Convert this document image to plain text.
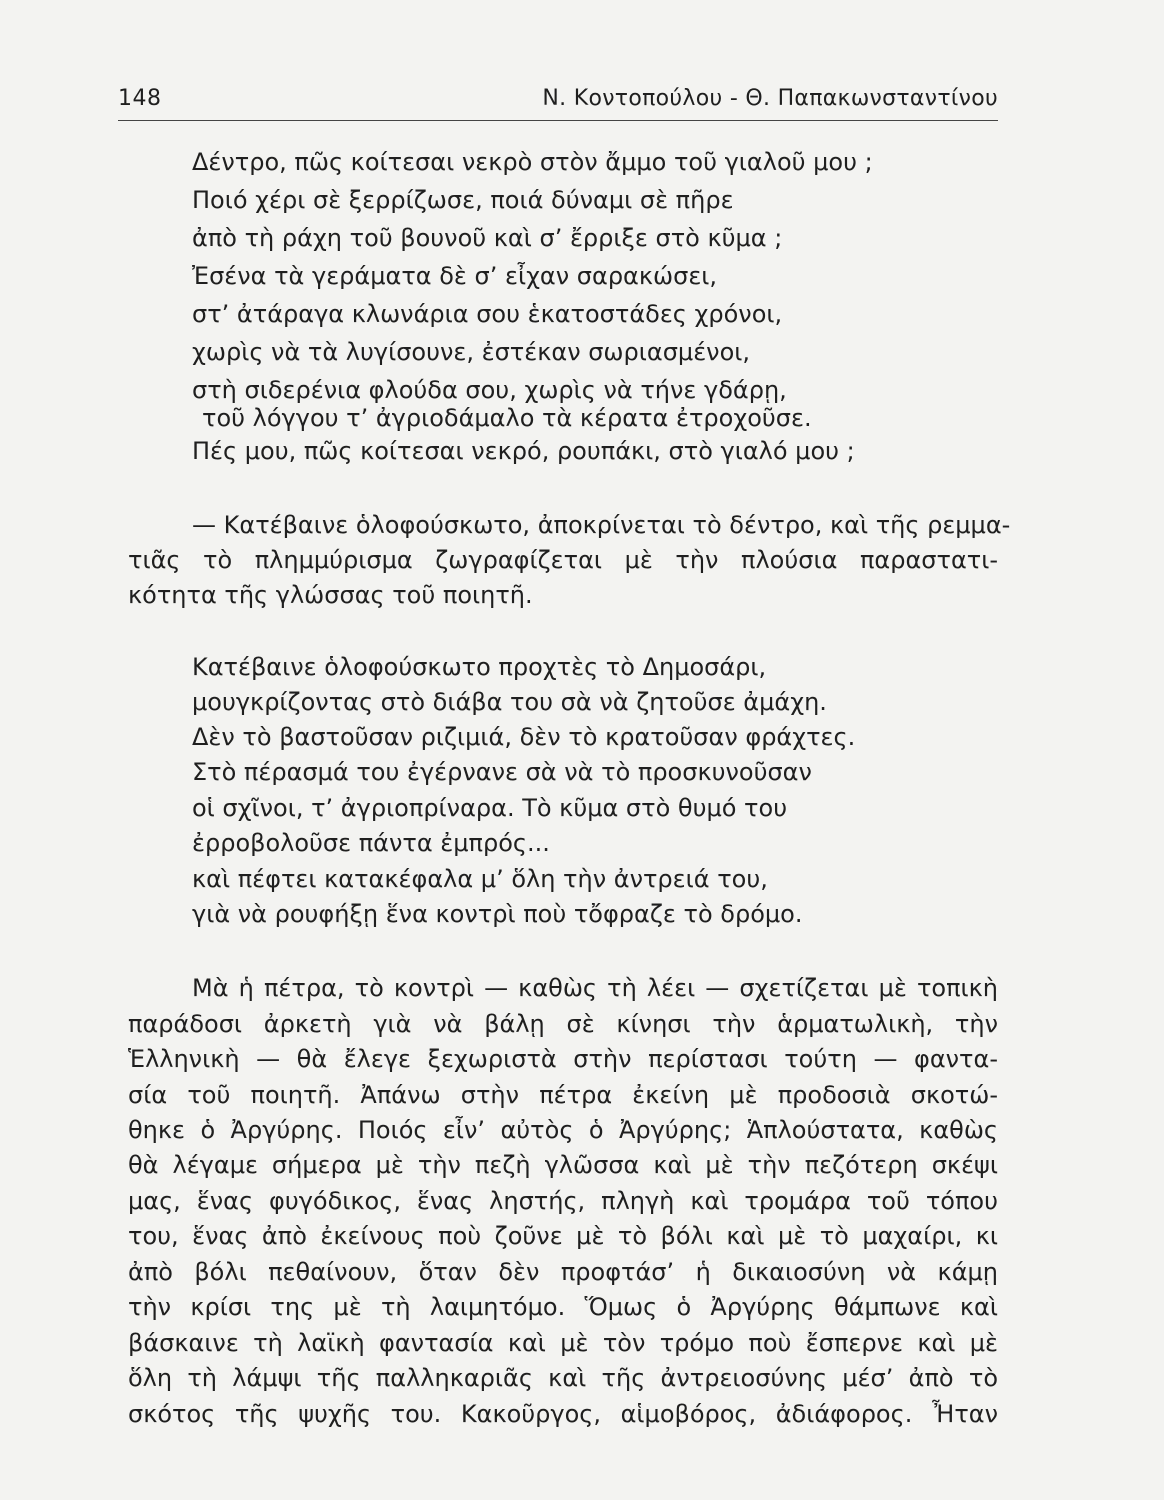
148	Ν. Κοντοπούλου - Θ. Παπακωνσταντίνου
Δέντρο, πῶς κοίτεσαι νεκρὸ στὸν ἄμμο τοῦ γιαλοῦ μου ;
Ποιό χέρι σὲ ξερρίζωσε, ποιά δύναμι σὲ πῆρε
ἀπὸ τὴ ράχη τοῦ βουνοῦ καὶ σ’ ἔρριξε στὸ κῦμα ;
Ἐσένα τὰ γεράματα δὲ σ’ εἶχαν σαρακώσει,
στ’ ἀτάραγα κλωνάρια σου ἑκατοστάδες χρόνοι,
χωρὶς νὰ τὰ λυγίσουνε, ἐστέκαν σωριασμένοι,
στὴ σιδερένια φλούδα σου, χωρὶς νὰ τήνε γδάρῃ,
τοῦ λόγγου τ’ ἀγριοδάμαλο τὰ κέρατα ἐτροχοῦσε.
Πές μου, πῶς κοίτεσαι νεκρό, ρουπάκι, στὸ γιαλό μου ;
— Κατέβαινε ὁλοφούσκωτο, ἀποκρίνεται τὸ δέντρο, καὶ τῆς ρεμμα-
τιᾶς τὸ πλημμύρισμα ζωγραφίζεται μὲ τὴν πλούσια παραστατι-
κότητα τῆς γλώσσας τοῦ ποιητῆ.
Κατέβαινε ὁλοφούσκωτο προχτὲς τὸ Δημοσάρι,
μουγκρίζοντας στὸ διάβα του σὰ νὰ ζητοῦσε ἀμάχη.
Δὲν τὸ βαστοῦσαν ριζιμιά, δὲν τὸ κρατοῦσαν φράχτες.
Στὸ πέρασμά του ἐγέρνανε σὰ νὰ τὸ προσκυνοῦσαν
οἱ σχῖνοι, τ’ ἀγριοπρίναρα. Τὸ κῦμα στὸ θυμό του
ἐρροβολοῦσε πάντα ἐμπρός...
καὶ πέφτει κατακέφαλα μ’ ὅλη τὴν ἀντρειά του,
γιὰ νὰ ρουφήξῃ ἕνα κοντρὶ ποὺ τὄφραζε τὸ δρόμο.
Μὰ ἡ πέτρα, τὸ κοντρὶ — καθὼς τὴ λέει — σχετίζεται μὲ τοπικὴ
παράδοσι ἀρκετὴ γιὰ νὰ βάλῃ σὲ κίνησι τὴν ἁρματωλικὴ, τὴν
Ἑλληνικὴ — θὰ ἔλεγε ξεχωριστὰ στὴν περίστασι τούτη — φαντα-
σία τοῦ ποιητῆ. Ἀπάνω στὴν πέτρα ἐκείνη μὲ προδοσιὰ σκοτώ-
θηκε ὁ Ἀργύρης. Ποιός εἶν’ αὐτὸς ὁ Ἀργύρης; Ἁπλούστατα, καθὼς
θὰ λέγαμε σήμερα μὲ τὴν πεζὴ γλῶσσα καὶ μὲ τὴν πεζότερη σκέψι
μας, ἕνας φυγόδικος, ἕνας ληστής, πληγὴ καὶ τρομάρα τοῦ τόπου
του, ἕνας ἀπὸ ἐκείνους ποὺ ζοῦνε μὲ τὸ βόλι καὶ μὲ τὸ μαχαίρι, κι
ἀπὸ βόλι πεθαίνουν, ὅταν δὲν προφτάσ’ ἡ δικαιοσύνη νὰ κάμῃ
τὴν κρίσι της μὲ τὴ λαιμητόμο. Ὅμως ὁ Ἀργύρης θάμπωνε καὶ
βάσκαινε τὴ λαϊκὴ φαντασία καὶ μὲ τὸν τρόμο ποὺ ἔσπερνε καὶ μὲ
ὅλη τὴ λάμψι τῆς παλληκαριᾶς καὶ τῆς ἀντρειοσύνης μέσ’ ἀπὸ τὸ
σκότος τῆς ψυχῆς του. Κακοῦργος, αἱμοβόρος, ἀδιάφορος. Ἦταν
